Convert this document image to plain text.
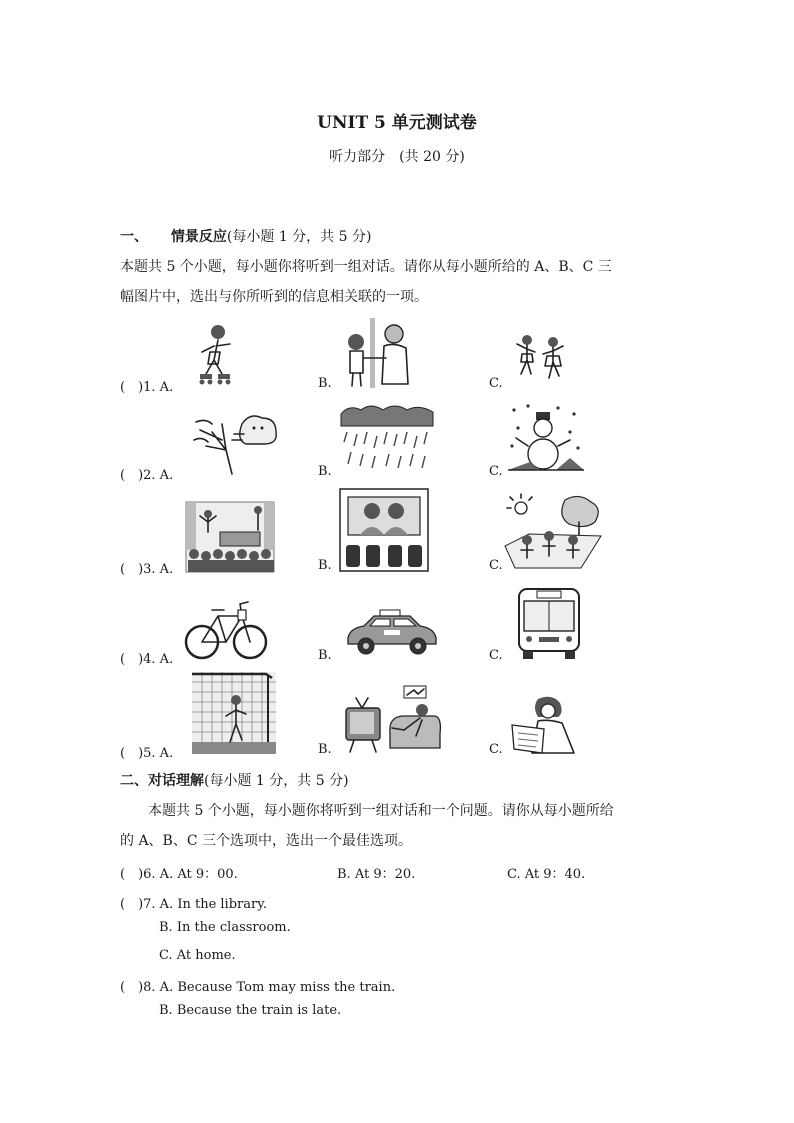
UNIT 5 单元测试卷
听力部分　(共 20 分)
一、 情景反应(每小题 1 分，共 5 分)
本题共 5 个小题，每小题你将听到一组对话。请你从每小题所给的 A、B、C 三
幅图片中，选出与你所听到的信息相关联的一项。
(　)1. A.	B.	C.
(　)2. A.	B.	C.
(　)3. A.	B.	C.
(　)4. A.	B.	C.
(　)5. A.	B.	C.
二、对话理解(每小题 1 分，共 5 分)
本题共 5 个小题，每小题你将听到一组对话和一个问题。请你从每小题所给
的 A、B、C 三个选项中，选出一个最佳选项。
(　)6. A. At 9：00.	B. At 9：20.	C. At 9：40.
(　)7. A. In the library.
B. In the classroom.
C. At home.
(　)8. A. Because Tom may miss the train.
B. Because the train is late.
